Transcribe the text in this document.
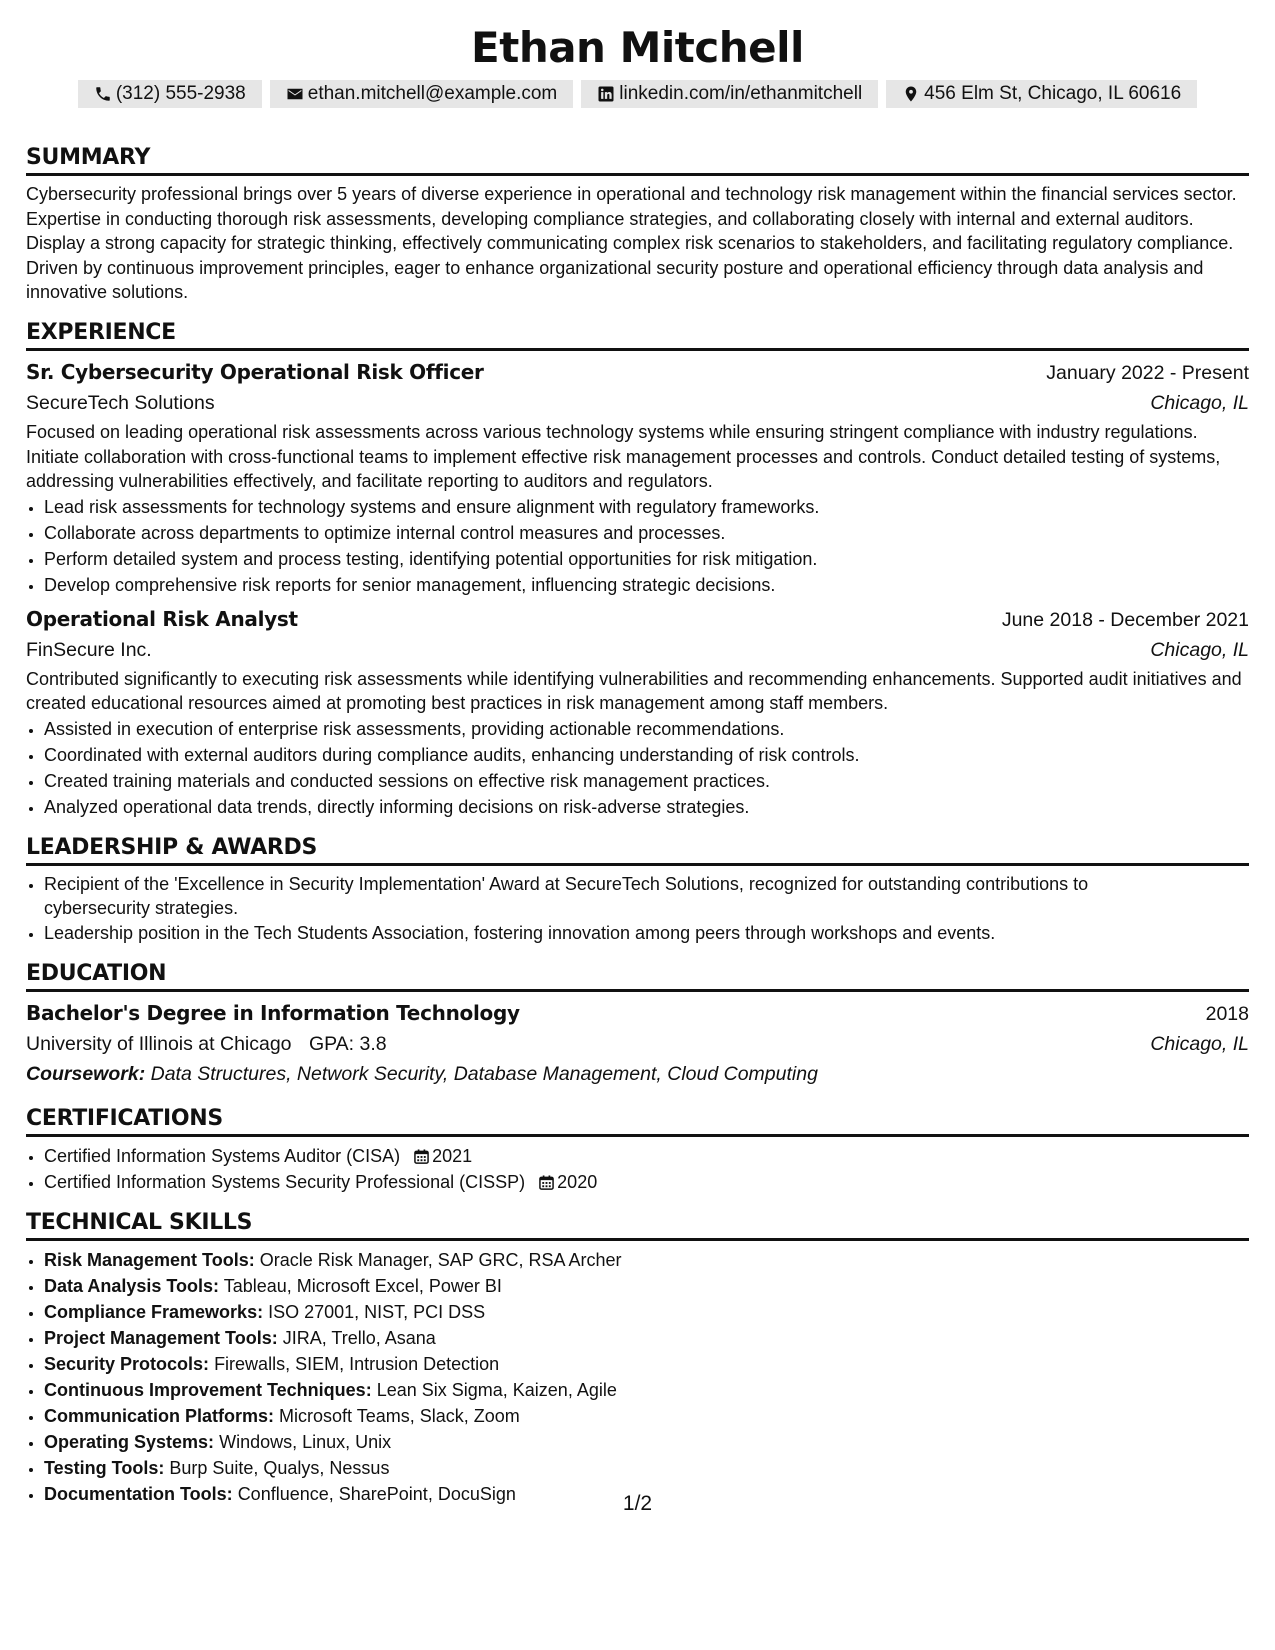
Ethan Mitchell
(312) 555-2938	ethan.mitchell@example.com	linkedin.com/in/ethanmitchell	456 Elm St, Chicago, IL 60616
SUMMARY

Cybersecurity professional brings over 5 years of diverse experience in operational and technology risk management within the financial services sector. Expertise in conducting thorough risk assessments, developing compliance strategies, and collaborating closely with internal and external auditors. Display a strong capacity for strategic thinking, effectively communicating complex risk scenarios to stakeholders, and facilitating regulatory compliance. Driven by continuous improvement principles, eager to enhance organizational security posture and operational efficiency through data analysis and innovative solutions.

EXPERIENCE
Sr. Cybersecurity Operational Risk Officer	January 2022 - Present
SecureTech Solutions	Chicago, IL

Focused on leading operational risk assessments across various technology systems while ensuring stringent compliance with industry regulations. Initiate collaboration with cross-functional teams to implement effective risk management processes and controls. Conduct detailed testing of systems, addressing vulnerabilities effectively, and facilitate reporting to auditors and regulators.

• Lead risk assessments for technology systems and ensure alignment with regulatory frameworks.
• Collaborate across departments to optimize internal control measures and processes.
• Perform detailed system and process testing, identifying potential opportunities for risk mitigation.
• Develop comprehensive risk reports for senior management, influencing strategic decisions.
Operational Risk Analyst	June 2018 - December 2021
FinSecure Inc.	Chicago, IL

Contributed significantly to executing risk assessments while identifying vulnerabilities and recommending enhancements. Supported audit initiatives and created educational resources aimed at promoting best practices in risk management among staff members.

• Assisted in execution of enterprise risk assessments, providing actionable recommendations.
• Coordinated with external auditors during compliance audits, enhancing understanding of risk controls.
• Created training materials and conducted sessions on effective risk management practices.
• Analyzed operational data trends, directly informing decisions on risk-adverse strategies.
LEADERSHIP & AWARDS
• Recipient of the 'Excellence in Security Implementation' Award at SecureTech Solutions, recognized for outstanding contributions to cybersecurity strategies.
• Leadership position in the Tech Students Association, fostering innovation among peers through workshops and events.
EDUCATION
Bachelor's Degree in Information Technology	2018
University of Illinois at Chicago GPA: 3.8	Chicago, IL
Coursework: Data Structures, Network Security, Database Management, Cloud Computing
CERTIFICATIONS
• Certified Information Systems Auditor (CISA) 2021
• Certified Information Systems Security Professional (CISSP) 2020
TECHNICAL SKILLS
• Risk Management Tools: Oracle Risk Manager, SAP GRC, RSA Archer
• Data Analysis Tools: Tableau, Microsoft Excel, Power BI
• Compliance Frameworks: ISO 27001, NIST, PCI DSS
• Project Management Tools: JIRA, Trello, Asana
• Security Protocols: Firewalls, SIEM, Intrusion Detection
• Continuous Improvement Techniques: Lean Six Sigma, Kaizen, Agile
• Communication Platforms: Microsoft Teams, Slack, Zoom
• Operating Systems: Windows, Linux, Unix
• Testing Tools: Burp Suite, Qualys, Nessus
• Documentation Tools: Confluence, SharePoint, DocuSign	1/2
